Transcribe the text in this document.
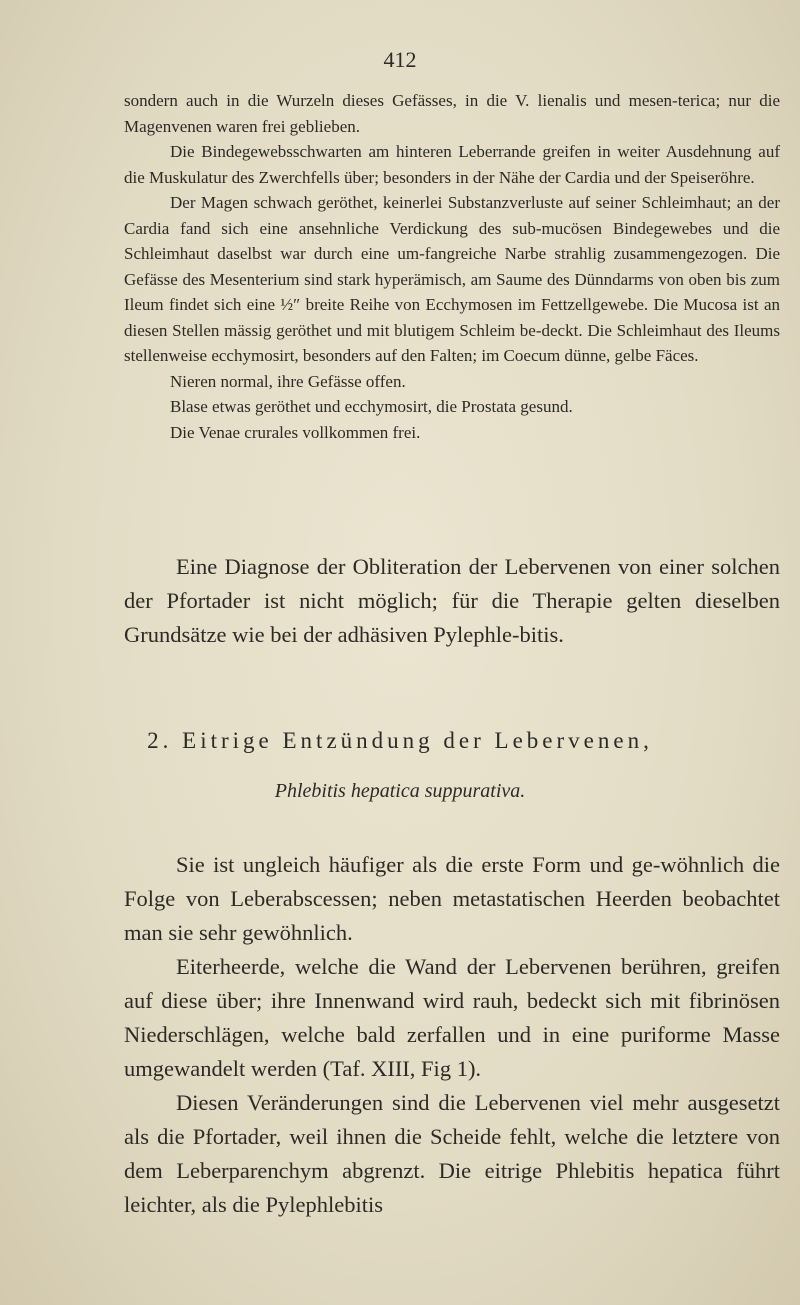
412

sondern auch in die Wurzeln dieses Gefässes, in die V. lienalis und mesen-terica; nur die Magenvenen waren frei geblieben.

Die Bindegewebsschwarten am hinteren Leberrande greifen in weiter Ausdehnung auf die Muskulatur des Zwerchfells über; besonders in der Nähe der Cardia und der Speiseröhre.

Der Magen schwach geröthet, keinerlei Substanzverluste auf seiner Schleimhaut; an der Cardia fand sich eine ansehnliche Verdickung des sub-mucösen Bindegewebes und die Schleimhaut daselbst war durch eine um-fangreiche Narbe strahlig zusammengezogen. Die Gefässe des Mesenterium sind stark hyperämisch, am Saume des Dünndarms von oben bis zum Ileum findet sich eine ½″ breite Reihe von Ecchymosen im Fettzellgewebe. Die Mucosa ist an diesen Stellen mässig geröthet und mit blutigem Schleim be-deckt. Die Schleimhaut des Ileums stellenweise ecchymosirt, besonders auf den Falten; im Coecum dünne, gelbe Fäces.

Nieren normal, ihre Gefässe offen.

Blase etwas geröthet und ecchymosirt, die Prostata gesund.

Die Venae crurales vollkommen frei.

Eine Diagnose der Obliteration der Lebervenen von einer solchen der Pfortader ist nicht möglich; für die Therapie gelten dieselben Grundsätze wie bei der adhäsiven Pylephle-bitis.

2. Eitrige Entzündung der Lebervenen,
Phlebitis hepatica suppurativa.

Sie ist ungleich häufiger als die erste Form und ge-wöhnlich die Folge von Leberabscessen; neben metastatischen Heerden beobachtet man sie sehr gewöhnlich.

Eiterheerde, welche die Wand der Lebervenen berühren, greifen auf diese über; ihre Innenwand wird rauh, bedeckt sich mit fibrinösen Niederschlägen, welche bald zerfallen und in eine puriforme Masse umgewandelt werden (Taf. XIII, Fig 1).

Diesen Veränderungen sind die Lebervenen viel mehr ausgesetzt als die Pfortader, weil ihnen die Scheide fehlt, welche die letztere von dem Leberparenchym abgrenzt. Die eitrige Phlebitis hepatica führt leichter, als die Pylephlebitis
